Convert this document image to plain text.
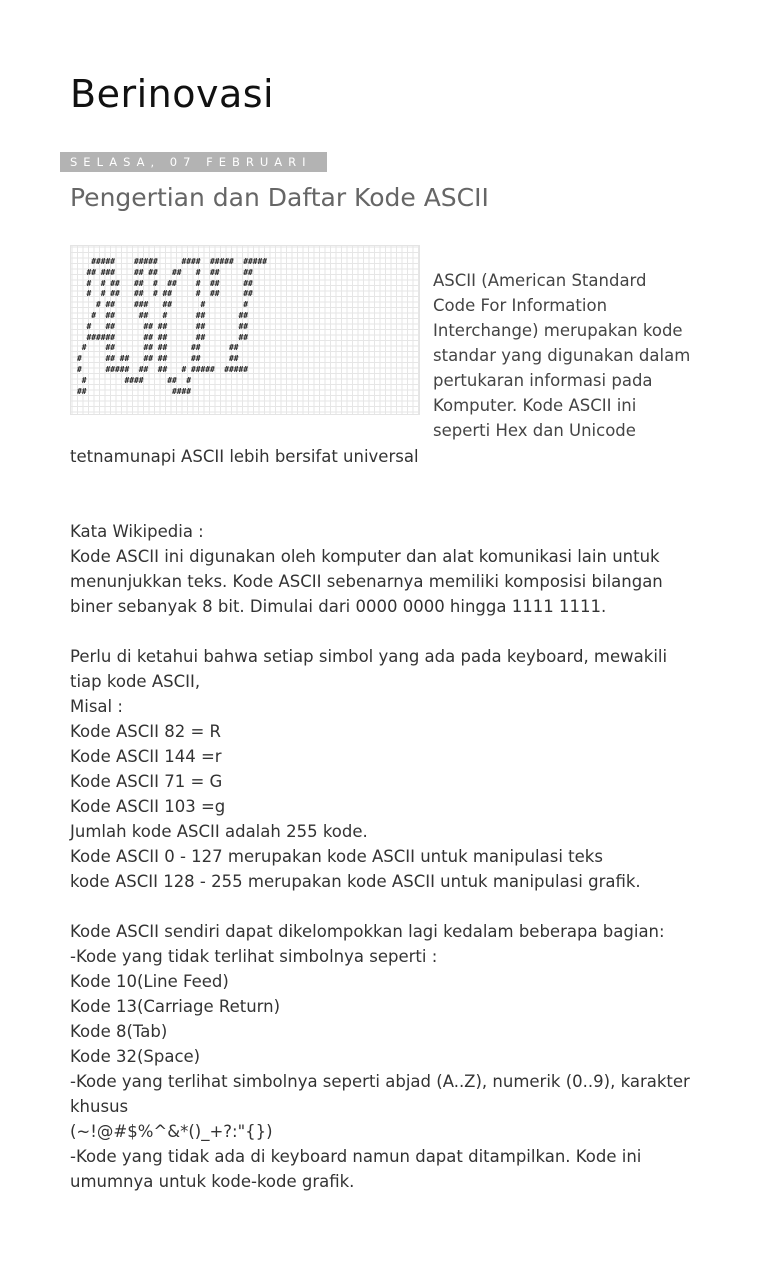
Berinovasi
SELASA, 07 FEBRUARI 2012
Pengertian dan Daftar Kode ASCII
#####    #####     ####  #####  #####
## ###    ## ##   ##   #  ##     ##
#  # ##   ##  #  ##    #  ##     ##
#  # ##   ##  # ##     #  ##     ##
# ##    ###   ##      #        #
#  ##     ##   #      ##       ##
#   ##      ## ##      ##       ##
######      ## ##      ##       ##
#    ##      ## ##     ##      ##
#     ## ##   ## ##     ##      ##
#     #####  ##  ##   # #####  #####
#        ####     ##  #
##                  ####
ASCII (American Standard
Code For Information
Interchange) merupakan kode
standar yang digunakan dalam
pertukaran informasi pada
Komputer. Kode ASCII ini
seperti Hex dan Unicode
tetnamunapi ASCII lebih bersifat universal
Kata Wikipedia :
Kode ASCII ini digunakan oleh komputer dan alat komunikasi lain untuk
menunjukkan teks. Kode ASCII sebenarnya memiliki komposisi bilangan
biner sebanyak 8 bit. Dimulai dari 0000 0000 hingga 1111 1111.
Perlu di ketahui bahwa setiap simbol yang ada pada keyboard, mewakili
tiap kode ASCII,
Misal :
Kode ASCII 82 = R
Kode ASCII 144 =r
Kode ASCII 71 = G
Kode ASCII 103 =g
Jumlah kode ASCII adalah 255 kode.
Kode ASCII 0 - 127 merupakan kode ASCII untuk manipulasi teks
kode ASCII 128 - 255 merupakan kode ASCII untuk manipulasi grafik.
Kode ASCII sendiri dapat dikelompokkan lagi kedalam beberapa bagian:
-Kode yang tidak terlihat simbolnya seperti :
Kode 10(Line Feed)
Kode 13(Carriage Return)
Kode 8(Tab)
Kode 32(Space)
-Kode yang terlihat simbolnya seperti abjad (A..Z), numerik (0..9), karakter
khusus
(~!@#$%^&*()_+?:"{})
-Kode yang tidak ada di keyboard namun dapat ditampilkan. Kode ini
umumnya untuk kode-kode grafik.
